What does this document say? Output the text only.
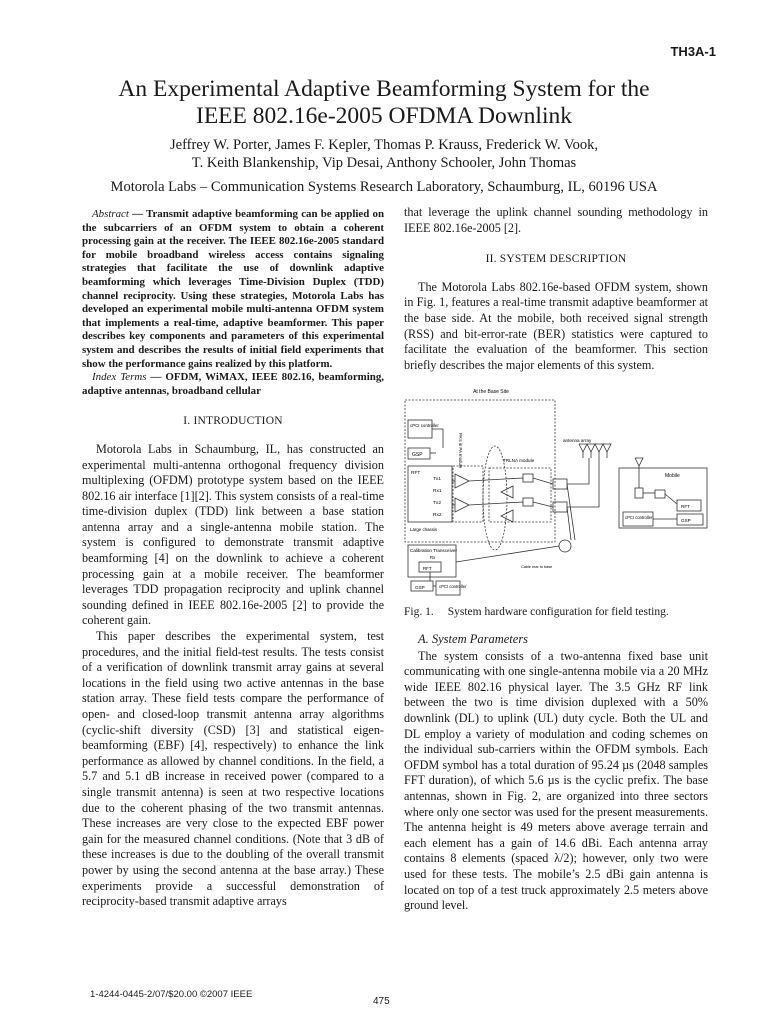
TH3A-1
An Experimental Adaptive Beamforming System for the
IEEE 802.16e-2005 OFDMA Downlink
Jeffrey W. Porter, James F. Kepler, Thomas P. Krauss, Frederick W. Vook,
T. Keith Blankenship, Vip Desai, Anthony Schooler, John Thomas
Motorola Labs – Communication Systems Research Laboratory, Schaumburg, IL, 60196 USA

Abstract — Transmit adaptive beamforming can be applied on the subcarriers of an OFDM system to obtain a coherent processing gain at the receiver. The IEEE 802.16e-2005 standard for mobile broadband wireless access contains signaling strategies that facilitate the use of downlink adaptive beamforming which leverages Time-Division Duplex (TDD) channel reciprocity. Using these strategies, Motorola Labs has developed an experimental mobile multi-antenna OFDM system that implements a real-time, adaptive beamformer. This paper describes key components and parameters of this experimental system and describes the results of initial field experiments that show the performance gains realized by this platform.

Index Terms — OFDM, WiMAX, IEEE 802.16, beamforming, adaptive antennas, broadband cellular

I. INTRODUCTION

Motorola Labs in Schaumburg, IL, has constructed an experimental multi-antenna orthogonal frequency division multiplexing (OFDM) prototype system based on the IEEE 802.16 air interface [1][2]. This system consists of a real-time time-division duplex (TDD) link between a base station antenna array and a single-antenna mobile station. The system is configured to demonstrate transmit adaptive beamforming [4] on the downlink to achieve a coherent processing gain at a mobile receiver. The beamformer leverages TDD propagation reciprocity and uplink channel sounding defined in IEEE 802.16e-2005 [2] to provide the coherent gain.

This paper describes the experimental system, test procedures, and the initial field-test results. The tests consist of a verification of downlink transmit array gains at several locations in the field using two active antennas in the base station array. These field tests compare the performance of open- and closed-loop transmit antenna array algorithms (cyclic-shift diversity (CSD) [3] and statistical eigen-beamforming (EBF) [4], respectively) to enhance the link performance as allowed by channel conditions. In the field, a 5.7 and 5.1 dB increase in received power (compared to a single transmit antenna) is seen at two respective locations due to the coherent phasing of the two transmit antennas. These increases are very close to the expected EBF power gain for the measured channel conditions. (Note that 3 dB of these increases is due to the doubling of the overall transmit power by using the second antenna at the base array.) These experiments provide a successful demonstration of reciprocity-based transmit adaptive arrays

that leverage the uplink channel sounding methodology in IEEE 802.16e-2005 [2].

II. SYSTEM DESCRIPTION

The Motorola Labs 802.16e-based OFDM system, shown in Fig. 1, features a real-time transmit adaptive beamformer at the base side. At the mobile, both received signal strength (RSS) and bit-error-rate (BER) statistics were captured to facilitate the evaluation of the beamformer. This section briefly describes the major elements of this system.

At the Base Site
cPCI controller
GSP	PA's in PA module	TRLNA module
antenna array
RFT
Tx1
Rx1
Tx2
Rx2
Large chassis
Mobile
Calibration Transceiver
Rx
RFT
GSP	cPCI controller
Cable rear to base
cPCI controller
GSP
RFT
Fig. 1. System hardware configuration for field testing.
A. System Parameters

The system consists of a two-antenna fixed base unit communicating with one single-antenna mobile via a 20 MHz wide IEEE 802.16 physical layer. The 3.5 GHz RF link between the two is time division duplexed with a 50% downlink (DL) to uplink (UL) duty cycle. Both the UL and DL employ a variety of modulation and coding schemes on the individual sub-carriers within the OFDM symbols. Each OFDM symbol has a total duration of 95.24 µs (2048 samples FFT duration), of which 5.6 µs is the cyclic prefix. The base antennas, shown in Fig. 2, are organized into three sectors where only one sector was used for the present measurements. The antenna height is 49 meters above average terrain and each element has a gain of 14.6 dBi. Each antenna array contains 8 elements (spaced λ/2); however, only two were used for these tests. The mobile’s 2.5 dBi gain antenna is located on top of a test truck approximately 2.5 meters above ground level.

1-4244-0445-2/07/$20.00 ©2007 IEEE
475
